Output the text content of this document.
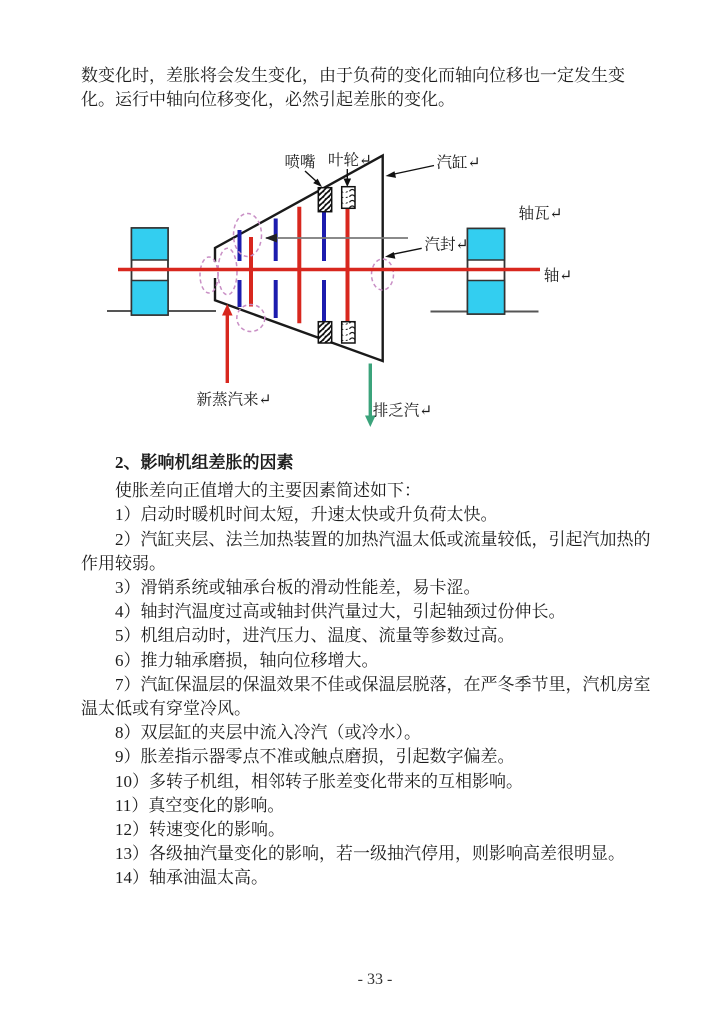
喷嘴 叶轮↵	汽缸↵
轴瓦↵
汽封↵
轴↵
新蒸汽来↵
排乏汽↵

数变化时，差胀将会发生变化，由于负荷的变化而轴向位移也一定发生变化。运行中轴向位移变化，必然引起差胀的变化。

2、影响机组差胀的因素

使胀差向正值增大的主要因素简述如下：

1）启动时暖机时间太短，升速太快或升负荷太快。

2）汽缸夹层、法兰加热装置的加热汽温太低或流量较低，引起汽加热的作用较弱。

3）滑销系统或轴承台板的滑动性能差，易卡涩。

4）轴封汽温度过高或轴封供汽量过大，引起轴颈过份伸长。

5）机组启动时，进汽压力、温度、流量等参数过高。

6）推力轴承磨损，轴向位移增大。

7）汽缸保温层的保温效果不佳或保温层脱落，在严冬季节里，汽机房室温太低或有穿堂冷风。

8）双层缸的夹层中流入冷汽（或冷水）。

9）胀差指示器零点不准或触点磨损，引起数字偏差。

10）多转子机组，相邻转子胀差变化带来的互相影响。

11）真空变化的影响。

12）转速变化的影响。

13）各级抽汽量变化的影响，若一级抽汽停用，则影响高差很明显。

14）轴承油温太高。

- 33 -
